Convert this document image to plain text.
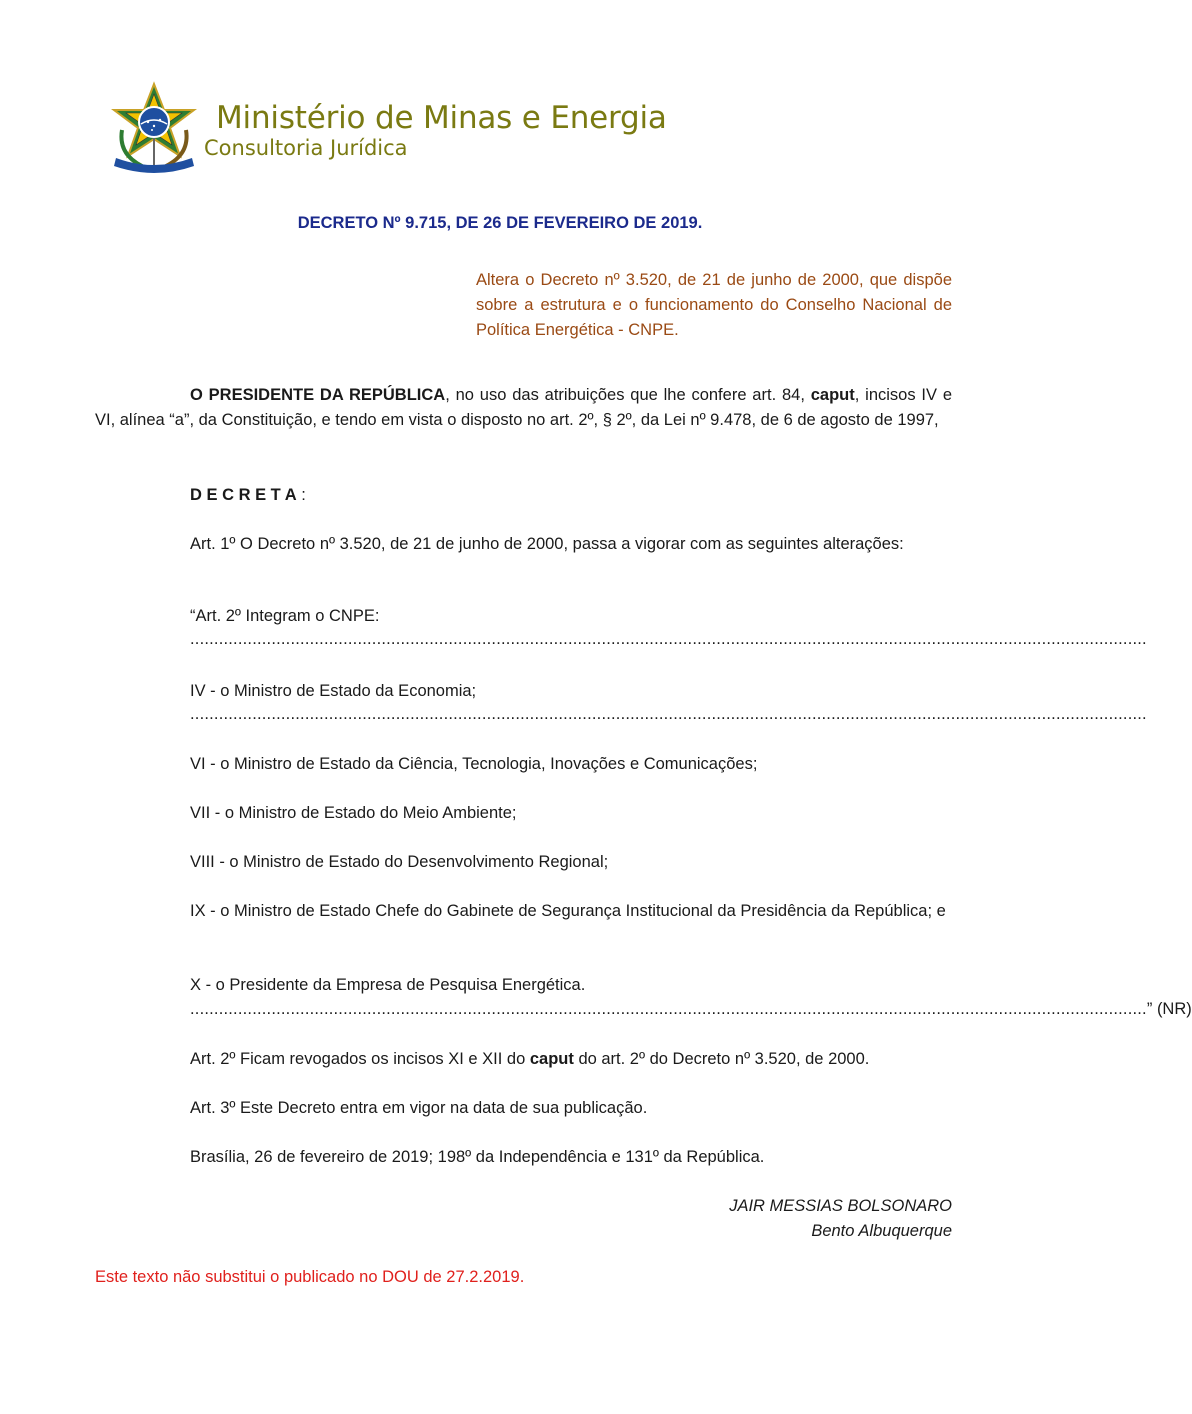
Ministério de Minas e Energia
Consultoria Jurídica
DECRETO Nº 9.715, DE 26 DE FEVEREIRO DE 2019.
Altera o Decreto nº 3.520, de 21 de junho de 2000, que dispõe sobre a estrutura e o funcionamento do Conselho Nacional de Política Energética - CNPE.
O PRESIDENTE DA REPÚBLICA, no uso das atribuições que lhe confere art. 84, caput, incisos IV e VI, alínea “a”, da Constituição, e tendo em vista o disposto no art. 2º, § 2º, da Lei nº 9.478, de 6 de agosto de 1997,
D E C R E T A :
Art. 1º O Decreto nº 3.520, de 21 de junho de 2000, passa a vigorar com as seguintes alterações:
“Art. 2º Integram o CNPE:
........................................................................................................................................................................................................
IV - o Ministro de Estado da Economia;
........................................................................................................................................................................................................
VI - o Ministro de Estado da Ciência, Tecnologia, Inovações e Comunicações;
VII - o Ministro de Estado do Meio Ambiente;
VIII - o Ministro de Estado do Desenvolvimento Regional;
IX - o Ministro de Estado Chefe do Gabinete de Segurança Institucional da Presidência da República; e
X - o Presidente da Empresa de Pesquisa Energética.
........................................................................................................................................................................................................ ” (NR)
Art. 2º Ficam revogados os incisos XI e XII do caput do art. 2º do Decreto nº 3.520, de 2000.
Art. 3º Este Decreto entra em vigor na data de sua publicação.
Brasília, 26 de fevereiro de 2019; 198º da Independência e 131º da República.
JAIR MESSIAS BOLSONARO
Bento Albuquerque
Este texto não substitui o publicado no DOU de 27.2.2019.
